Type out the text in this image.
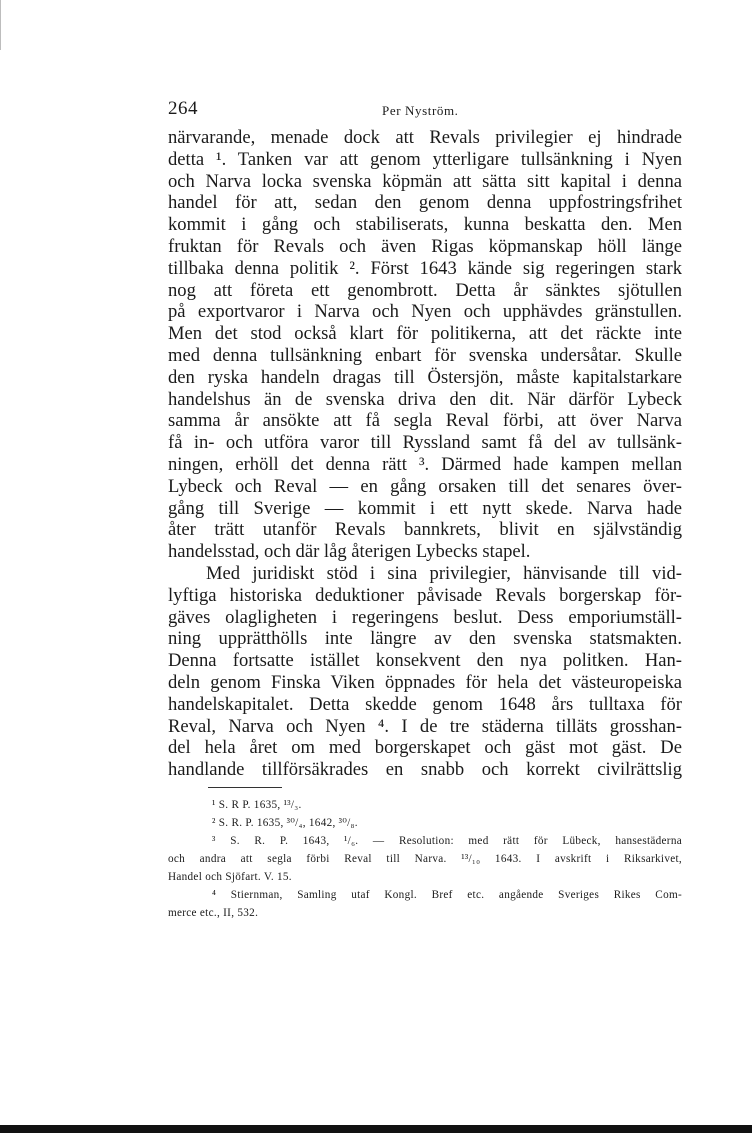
264	Per Nyström.
närvarande, menade dock att Revals privilegier ej hindrade
detta ¹. Tanken var att genom ytterligare tullsänkning i Nyen
och Narva locka svenska köpmän att sätta sitt kapital i denna
handel för att, sedan den genom denna uppfostringsfrihet
kommit i gång och stabiliserats, kunna beskatta den. Men
fruktan för Revals och även Rigas köpmanskap höll länge
tillbaka denna politik ². Först 1643 kände sig regeringen stark
nog att företa ett genombrott. Detta år sänktes sjötullen
på exportvaror i Narva och Nyen och upphävdes gränstullen.
Men det stod också klart för politikerna, att det räckte inte
med denna tullsänkning enbart för svenska undersåtar. Skulle
den ryska handeln dragas till Östersjön, måste kapitalstarkare
handelshus än de svenska driva den dit. När därför Lybeck
samma år ansökte att få segla Reval förbi, att över Narva
få in- och utföra varor till Ryssland samt få del av tullsänk-
ningen, erhöll det denna rätt ³. Därmed hade kampen mellan
Lybeck och Reval — en gång orsaken till det senares över-
gång till Sverige — kommit i ett nytt skede. Narva hade
åter trätt utanför Revals bannkrets, blivit en självständig
handelsstad, och där låg återigen Lybecks stapel.
Med juridiskt stöd i sina privilegier, hänvisande till vid-
lyftiga historiska deduktioner påvisade Revals borgerskap för-
gäves olagligheten i regeringens beslut. Dess emporiumställ-
ning upprätthölls inte längre av den svenska statsmakten.
Denna fortsatte istället konsekvent den nya politken. Han-
deln genom Finska Viken öppnades för hela det västeuropeiska
handelskapitalet. Detta skedde genom 1648 års tulltaxa för
Reval, Narva och Nyen ⁴. I de tre städerna tilläts grosshan-
del hela året om med borgerskapet och gäst mot gäst. De
handlande tillförsäkrades en snabb och korrekt civilrättslig
¹ S. R P. 1635, ¹³/₃.
² S. R. P. 1635, ³⁰/₄, 1642, ³⁰/₈.
³ S. R. P. 1643, ¹/₆. — Resolution: med rätt för Lübeck, hansestäderna
och andra att segla förbi Reval till Narva. ¹³/₁₀ 1643. I avskrift i Riksarkivet,
Handel och Sjöfart. V. 15.
⁴ Stiernman, Samling utaf Kongl. Bref etc. angående Sveriges Rikes Com-
merce etc., II, 532.
